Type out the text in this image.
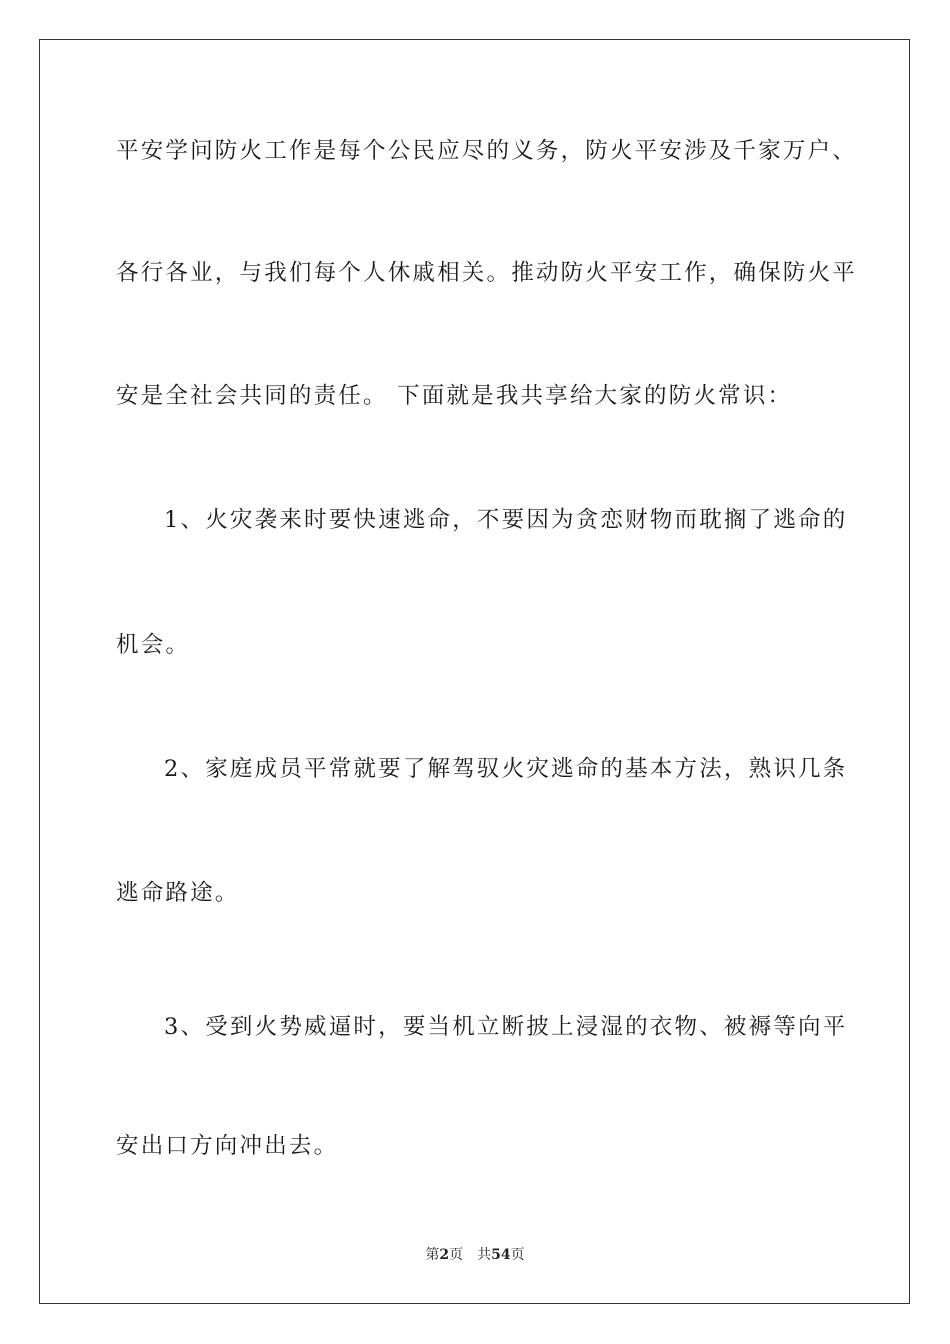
平安学问防火工作是每个公民应尽的义务，防火平安涉及千家万户、
各行各业，与我们每个人休戚相关。推动防火平安工作，确保防火平
安是全社会共同的责任。 下面就是我共享给大家的防火常识：
1、火灾袭来时要快速逃命，不要因为贪恋财物而耽搁了逃命的
机会。
2、家庭成员平常就要了解驾驭火灾逃命的基本方法，熟识几条
逃命路途。
3、受到火势威逼时，要当机立断披上浸湿的衣物、被褥等向平
安出口方向冲出去。
第2页 共54页
